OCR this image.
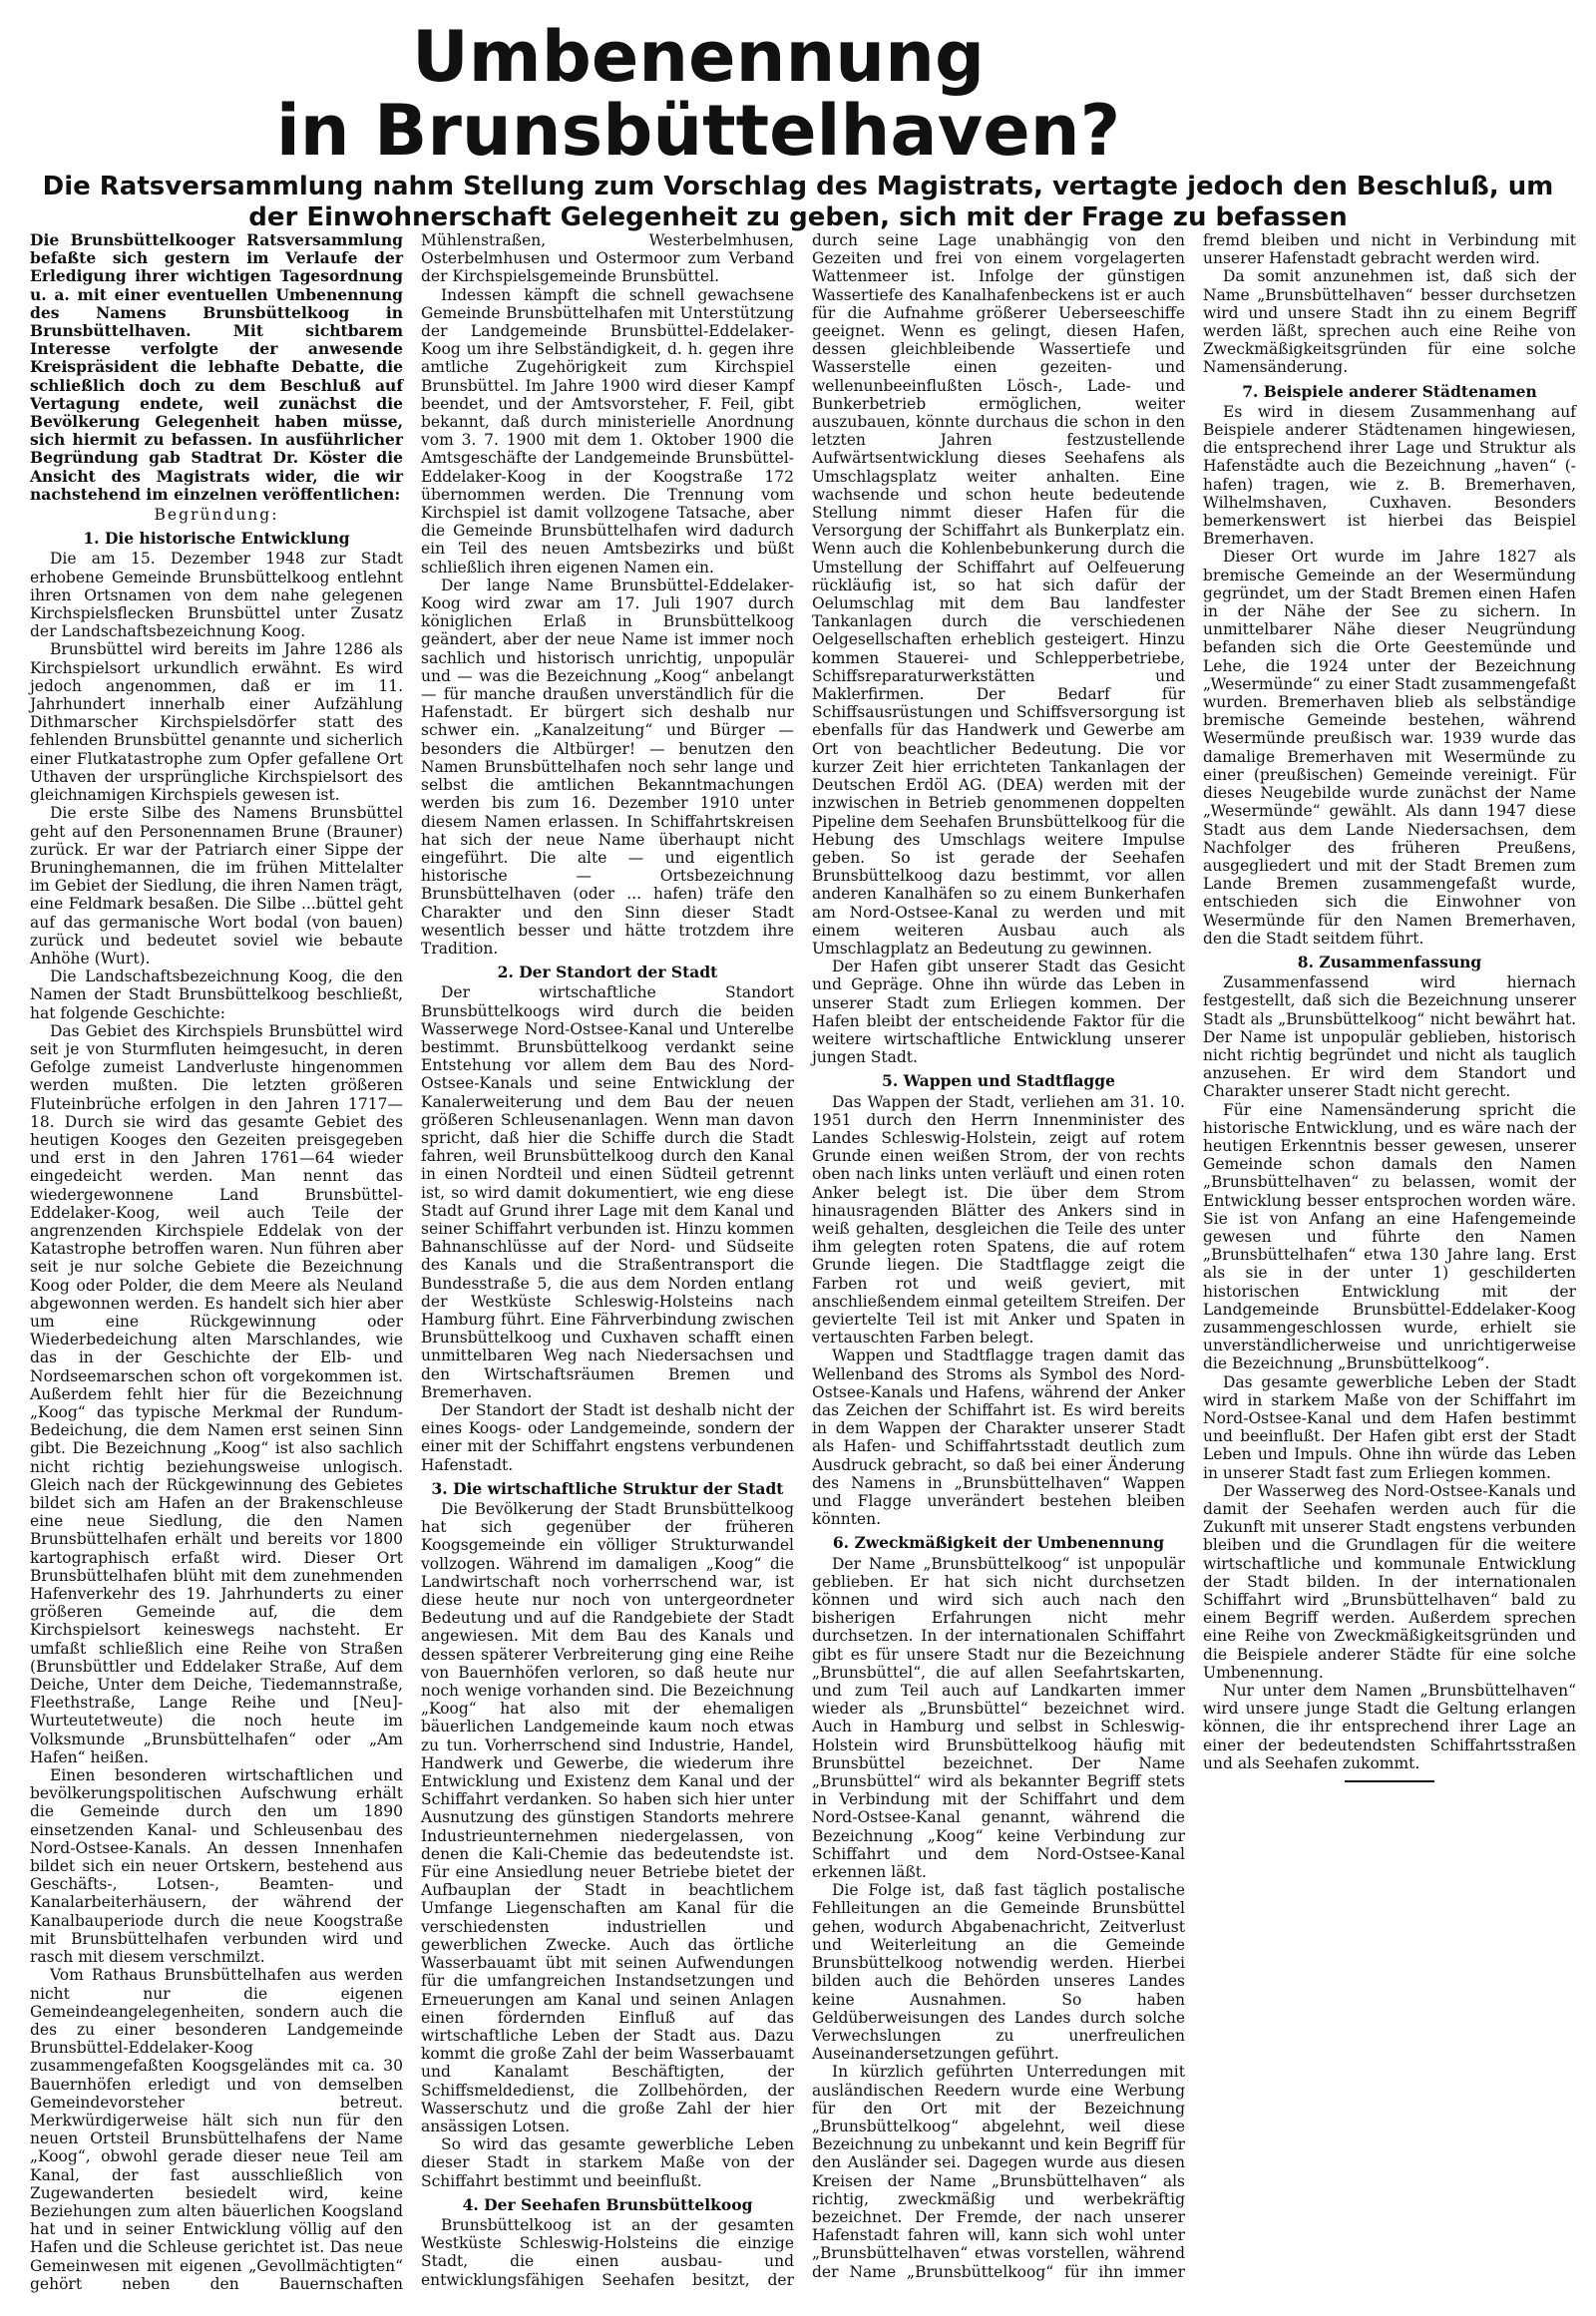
Umbenennung
in Brunsbüttelhaven?
Die Ratsversammlung nahm Stellung zum Vorschlag des Magistrats, vertagte jedoch den Beschluß, um der Einwohnerschaft Gelegenheit zu geben, sich mit der Frage zu befassen

Die Brunsbüttelkooger Ratsversammlung befaßte sich gestern im Verlaufe der Erledigung ihrer wichtigen Tagesordnung u. a. mit einer eventuellen Umbenennung des Namens Brunsbüttelkoog in Brunsbüttelhaven. Mit sichtbarem Interesse verfolgte der anwesende Kreispräsident die lebhafte Debatte, die schließlich doch zu dem Beschluß auf Vertagung endete, weil zunächst die Bevölkerung Gelegenheit haben müsse, sich hiermit zu befassen. In ausführlicher Begründung gab Stadtrat Dr. Köster die Ansicht des Magistrats wider, die wir nachstehend im einzelnen veröffentlichen:

Begründung:
1. Die historische Entwicklung

Die am 15. Dezember 1948 zur Stadt erhobene Gemeinde Brunsbüttelkoog entlehnt ihren Ortsnamen von dem nahe gelegenen Kirchspielsflecken Brunsbüttel unter Zusatz der Landschaftsbezeichnung Koog.

Brunsbüttel wird bereits im Jahre 1286 als Kirchspielsort urkundlich erwähnt. Es wird jedoch angenommen, daß er im 11. Jahrhundert innerhalb einer Aufzählung Dithmarscher Kirchspielsdörfer statt des fehlenden Brunsbüttel genannte und sicherlich einer Flutkatastrophe zum Opfer gefallene Ort Uthaven der ursprüngliche Kirchspielsort des gleichnamigen Kirchspiels gewesen ist.

Die erste Silbe des Namens Brunsbüttel geht auf den Personennamen Brune (Brauner) zurück. Er war der Patriarch einer Sippe der Bruninghemannen, die im frühen Mittelalter im Gebiet der Siedlung, die ihren Namen trägt, eine Feldmark besaßen. Die Silbe ...büttel geht auf das germanische Wort bodal (von bauen) zurück und bedeutet soviel wie bebaute Anhöhe (Wurt).

Die Landschaftsbezeichnung Koog, die den Namen der Stadt Brunsbüttelkoog beschließt, hat folgende Geschichte:

Das Gebiet des Kirchspiels Brunsbüttel wird seit je von Sturmfluten heimgesucht, in deren Gefolge zumeist Landverluste hingenommen werden mußten. Die letzten größeren Fluteinbrüche erfolgen in den Jahren 1717—18. Durch sie wird das gesamte Gebiet des heutigen Kooges den Gezeiten preisgegeben und erst in den Jahren 1761—64 wieder eingedeicht werden. Man nennt das wiedergewonnene Land Brunsbüttel-Eddelaker-Koog, weil auch Teile der angrenzenden Kirchspiele Eddelak von der Katastrophe betroffen waren. Nun führen aber seit je nur solche Gebiete die Bezeichnung Koog oder Polder, die dem Meere als Neuland abgewonnen werden. Es handelt sich hier aber um eine Rückgewinnung oder Wiederbedeichung alten Marschlandes, wie das in der Geschichte der Elb- und Nordseemarschen schon oft vorgekommen ist. Außerdem fehlt hier für die Bezeichnung „Koog“ das typische Merkmal der Rundum-Bedeichung, die dem Namen erst seinen Sinn gibt. Die Bezeichnung „Koog“ ist also sachlich nicht richtig beziehungsweise unlogisch. Gleich nach der Rückgewinnung des Gebietes bildet sich am Hafen an der Brakenschleuse eine neue Siedlung, die den Namen Brunsbüttelhafen erhält und bereits vor 1800 kartographisch erfaßt wird. Dieser Ort Brunsbüttelhafen blüht mit dem zunehmenden Hafenverkehr des 19. Jahrhunderts zu einer größeren Gemeinde auf, die dem Kirchspielsort keineswegs nachsteht. Er umfaßt schließlich eine Reihe von Straßen (Brunsbüttler und Eddelaker Straße, Auf dem Deiche, Unter dem Deiche, Tiedemannstraße, Fleethstraße, Lange Reihe und [Neu]-Wurteutetweute) die noch heute im Volksmunde „Brunsbüttelhafen“ oder „Am Hafen“ heißen.

Einen besonderen wirtschaftlichen und bevölkerungspolitischen Aufschwung erhält die Gemeinde durch den um 1890 einsetzenden Kanal- und Schleusenbau des Nord-Ostsee-Kanals. An dessen Innenhafen bildet sich ein neuer Ortskern, bestehend aus Geschäfts-, Lotsen-, Beamten- und Kanalarbeiterhäusern, der während der Kanalbauperiode durch die neue Koogstraße mit Brunsbüttelhafen verbunden wird und rasch mit diesem verschmilzt.

Vom Rathaus Brunsbüttelhafen aus werden nicht nur die eigenen Gemeindeangelegenheiten, sondern auch die des zu einer besonderen Landgemeinde Brunsbüttel-Eddelaker-Koog zusammengefaßten Koogsgeländes mit ca. 30 Bauernhöfen erledigt und von demselben Gemeindevorsteher betreut. Merkwürdigerweise hält sich nun für den neuen Ortsteil Brunsbüttelhafens der Name „Koog“, obwohl gerade dieser neue Teil am Kanal, der fast ausschließlich von Zugewanderten besiedelt wird, keine Beziehungen zum alten bäuerlichen Koogsland hat und in seiner Entwicklung völlig auf den Hafen und die Schleuse gerichtet ist. Das neue Gemeinwesen mit eigenen „Gevollmächtigten“ gehört neben den Bauernschaften Mühlenstraßen, Westerbelmhusen, Osterbelmhusen und Ostermoor zum Verband der Kirchspielsgemeinde Brunsbüttel.

Indessen kämpft die schnell gewachsene Gemeinde Brunsbüttelhafen mit Unterstützung der Landgemeinde Brunsbüttel-Eddelaker-Koog um ihre Selbständigkeit, d. h. gegen ihre amtliche Zugehörigkeit zum Kirchspiel Brunsbüttel. Im Jahre 1900 wird dieser Kampf beendet, und der Amtsvorsteher, F. Feil, gibt bekannt, daß durch ministerielle Anordnung vom 3. 7. 1900 mit dem 1. Oktober 1900 die Amtsgeschäfte der Landgemeinde Brunsbüttel-Eddelaker-Koog in der Koogstraße 172 übernommen werden. Die Trennung vom Kirchspiel ist damit vollzogene Tatsache, aber die Gemeinde Brunsbüttelhafen wird dadurch ein Teil des neuen Amtsbezirks und büßt schließlich ihren eigenen Namen ein.

Der lange Name Brunsbüttel-Eddelaker-Koog wird zwar am 17. Juli 1907 durch königlichen Erlaß in Brunsbüttelkoog geändert, aber der neue Name ist immer noch sachlich und historisch unrichtig, unpopulär und — was die Bezeichnung „Koog“ anbelangt — für manche draußen unverständlich für die Hafenstadt. Er bürgert sich deshalb nur schwer ein. „Kanalzeitung“ und Bürger — besonders die Altbürger! — benutzen den Namen Brunsbüttelhafen noch sehr lange und selbst die amtlichen Bekanntmachungen werden bis zum 16. Dezember 1910 unter diesem Namen erlassen. In Schiffahrtskreisen hat sich der neue Name überhaupt nicht eingeführt. Die alte — und eigentlich historische — Ortsbezeichnung Brunsbüttelhaven (oder ... hafen) träfe den Charakter und den Sinn dieser Stadt wesentlich besser und hätte trotzdem ihre Tradition.

2. Der Standort der Stadt

Der wirtschaftliche Standort Brunsbüttelkoogs wird durch die beiden Wasserwege Nord-Ostsee-Kanal und Unterelbe bestimmt. Brunsbüttelkoog verdankt seine Entstehung vor allem dem Bau des Nord-Ostsee-Kanals und seine Entwicklung der Kanalerweiterung und dem Bau der neuen größeren Schleusenanlagen. Wenn man davon spricht, daß hier die Schiffe durch die Stadt fahren, weil Brunsbüttelkoog durch den Kanal in einen Nordteil und einen Südteil getrennt ist, so wird damit dokumentiert, wie eng diese Stadt auf Grund ihrer Lage mit dem Kanal und seiner Schiffahrt verbunden ist. Hinzu kommen Bahnanschlüsse auf der Nord- und Südseite des Kanals und die Straßentransport die Bundesstraße 5, die aus dem Norden entlang der Westküste Schleswig-Holsteins nach Hamburg führt. Eine Fährverbindung zwischen Brunsbüttelkoog und Cuxhaven schafft einen unmittelbaren Weg nach Niedersachsen und den Wirtschaftsräumen Bremen und Bremerhaven.

Der Standort der Stadt ist deshalb nicht der eines Koogs- oder Landgemeinde, sondern der einer mit der Schiffahrt engstens verbundenen Hafenstadt.

3. Die wirtschaftliche Struktur der Stadt

Die Bevölkerung der Stadt Brunsbüttelkoog hat sich gegenüber der früheren Koogsgemeinde ein völliger Strukturwandel vollzogen. Während im damaligen „Koog“ die Landwirtschaft noch vorherrschend war, ist diese heute nur noch von untergeordneter Bedeutung und auf die Randgebiete der Stadt angewiesen. Mit dem Bau des Kanals und dessen späterer Verbreiterung ging eine Reihe von Bauernhöfen verloren, so daß heute nur noch wenige vorhanden sind. Die Bezeichnung „Koog“ hat also mit der ehemaligen bäuerlichen Landgemeinde kaum noch etwas zu tun. Vorherrschend sind Industrie, Handel, Handwerk und Gewerbe, die wiederum ihre Entwicklung und Existenz dem Kanal und der Schiffahrt verdanken. So haben sich hier unter Ausnutzung des günstigen Standorts mehrere Industrieunternehmen niedergelassen, von denen die Kali-Chemie das bedeutendste ist. Für eine Ansiedlung neuer Betriebe bietet der Aufbauplan der Stadt in beachtlichem Umfange Liegenschaften am Kanal für die verschiedensten industriellen und gewerblichen Zwecke. Auch das örtliche Wasserbauamt übt mit seinen Aufwendungen für die umfangreichen Instandsetzungen und Erneuerungen am Kanal und seinen Anlagen einen fördernden Einfluß auf das wirtschaftliche Leben der Stadt aus. Dazu kommt die große Zahl der beim Wasserbauamt und Kanalamt Beschäftigten, der Schiffsmeldedienst, die Zollbehörden, der Wasserschutz und die große Zahl der hier ansässigen Lotsen.

So wird das gesamte gewerbliche Leben dieser Stadt in starkem Maße von der Schiffahrt bestimmt und beeinflußt.

4. Der Seehafen Brunsbüttelkoog

Brunsbüttelkoog ist an der gesamten Westküste Schleswig-Holsteins die einzige Stadt, die einen ausbau- und entwicklungsfähigen Seehafen besitzt, der durch seine Lage unabhängig von den Gezeiten und frei von einem vorgelagerten Wattenmeer ist. Infolge der günstigen Wassertiefe des Kanalhafenbeckens ist er auch für die Aufnahme größerer Ueberseeschiffe geeignet. Wenn es gelingt, diesen Hafen, dessen gleichbleibende Wassertiefe und Wasserstelle einen gezeiten- und wellenunbeeinflußten Lösch-, Lade- und Bunkerbetrieb ermöglichen, weiter auszubauen, könnte durchaus die schon in den letzten Jahren festzustellende Aufwärtsentwicklung dieses Seehafens als Umschlagsplatz weiter anhalten. Eine wachsende und schon heute bedeutende Stellung nimmt dieser Hafen für die Versorgung der Schiffahrt als Bunkerplatz ein. Wenn auch die Kohlenbebunkerung durch die Umstellung der Schiffahrt auf Oelfeuerung rückläufig ist, so hat sich dafür der Oelumschlag mit dem Bau landfester Tankanlagen durch die verschiedenen Oelgesellschaften erheblich gesteigert. Hinzu kommen Stauerei- und Schlepperbetriebe, Schiffsreparaturwerkstätten und Maklerfirmen. Der Bedarf für Schiffsausrüstungen und Schiffsversorgung ist ebenfalls für das Handwerk und Gewerbe am Ort von beachtlicher Bedeutung. Die vor kurzer Zeit hier errichteten Tankanlagen der Deutschen Erdöl AG. (DEA) werden mit der inzwischen in Betrieb genommenen doppelten Pipeline dem Seehafen Brunsbüttelkoog für die Hebung des Umschlags weitere Impulse geben. So ist gerade der Seehafen Brunsbüttelkoog dazu bestimmt, vor allen anderen Kanalhäfen so zu einem Bunkerhafen am Nord-Ostsee-Kanal zu werden und mit einem weiteren Ausbau auch als Umschlagplatz an Bedeutung zu gewinnen.

Der Hafen gibt unserer Stadt das Gesicht und Gepräge. Ohne ihn würde das Leben in unserer Stadt zum Erliegen kommen. Der Hafen bleibt der entscheidende Faktor für die weitere wirtschaftliche Entwicklung unserer jungen Stadt.

5. Wappen und Stadtflagge

Das Wappen der Stadt, verliehen am 31. 10. 1951 durch den Herrn Innenminister des Landes Schleswig-Holstein, zeigt auf rotem Grunde einen weißen Strom, der von rechts oben nach links unten verläuft und einen roten Anker belegt ist. Die über dem Strom hinausragenden Blätter des Ankers sind in weiß gehalten, desgleichen die Teile des unter ihm gelegten roten Spatens, die auf rotem Grunde liegen. Die Stadtflagge zeigt die Farben rot und weiß geviert, mit anschließendem einmal geteiltem Streifen. Der geviertelte Teil ist mit Anker und Spaten in vertauschten Farben belegt.

Wappen und Stadtflagge tragen damit das Wellenband des Stroms als Symbol des Nord-Ostsee-Kanals und Hafens, während der Anker das Zeichen der Schiffahrt ist. Es wird bereits in dem Wappen der Charakter unserer Stadt als Hafen- und Schiffahrtsstadt deutlich zum Ausdruck gebracht, so daß bei einer Änderung des Namens in „Brunsbüttelhaven“ Wappen und Flagge unverändert bestehen bleiben könnten.

6. Zweckmäßigkeit der Umbenennung

Der Name „Brunsbüttelkoog“ ist unpopulär geblieben. Er hat sich nicht durchsetzen können und wird sich auch nach den bisherigen Erfahrungen nicht mehr durchsetzen. In der internationalen Schiffahrt gibt es für unsere Stadt nur die Bezeichnung „Brunsbüttel“, die auf allen Seefahrtskarten, und zum Teil auch auf Landkarten immer wieder als „Brunsbüttel“ bezeichnet wird. Auch in Hamburg und selbst in Schleswig-Holstein wird Brunsbüttelkoog häufig mit Brunsbüttel bezeichnet. Der Name „Brunsbüttel“ wird als bekannter Begriff stets in Verbindung mit der Schiffahrt und dem Nord-Ostsee-Kanal genannt, während die Bezeichnung „Koog“ keine Verbindung zur Schiffahrt und dem Nord-Ostsee-Kanal erkennen läßt.

Die Folge ist, daß fast täglich postalische Fehlleitungen an die Gemeinde Brunsbüttel gehen, wodurch Abgabenachricht, Zeitverlust und Weiterleitung an die Gemeinde Brunsbüttelkoog notwendig werden. Hierbei bilden auch die Behörden unseres Landes keine Ausnahmen. So haben Geldüberweisungen des Landes durch solche Verwechslungen zu unerfreulichen Auseinandersetzungen geführt.

In kürzlich geführten Unterredungen mit ausländischen Reedern wurde eine Werbung für den Ort mit der Bezeichnung „Brunsbüttelkoog“ abgelehnt, weil diese Bezeichnung zu unbekannt und kein Begriff für den Ausländer sei. Dagegen wurde aus diesen Kreisen der Name „Brunsbüttelhaven“ als richtig, zweckmäßig und werbekräftig bezeichnet. Der Fremde, der nach unserer Hafenstadt fahren will, kann sich wohl unter „Brunsbüttelhaven“ etwas vorstellen, während der Name „Brunsbüttelkoog“ für ihn immer fremd bleiben und nicht in Verbindung mit unserer Hafenstadt gebracht werden wird.

Da somit anzunehmen ist, daß sich der Name „Brunsbüttelhaven“ besser durchsetzen wird und unsere Stadt ihn zu einem Begriff werden läßt, sprechen auch eine Reihe von Zweckmäßigkeitsgründen für eine solche Namensänderung.

7. Beispiele anderer Städtenamen

Es wird in diesem Zusammenhang auf Beispiele anderer Städtenamen hingewiesen, die entsprechend ihrer Lage und Struktur als Hafenstädte auch die Bezeichnung „haven“ (-hafen) tragen, wie z. B. Bremerhaven, Wilhelmshaven, Cuxhaven. Besonders bemerkenswert ist hierbei das Beispiel Bremerhaven.

Dieser Ort wurde im Jahre 1827 als bremische Gemeinde an der Wesermündung gegründet, um der Stadt Bremen einen Hafen in der Nähe der See zu sichern. In unmittelbarer Nähe dieser Neugründung befanden sich die Orte Geestemünde und Lehe, die 1924 unter der Bezeichnung „Wesermünde“ zu einer Stadt zusammengefaßt wurden. Bremerhaven blieb als selbständige bremische Gemeinde bestehen, während Wesermünde preußisch war. 1939 wurde das damalige Bremerhaven mit Wesermünde zu einer (preußischen) Gemeinde vereinigt. Für dieses Neugebilde wurde zunächst der Name „Wesermünde“ gewählt. Als dann 1947 diese Stadt aus dem Lande Niedersachsen, dem Nachfolger des früheren Preußens, ausgegliedert und mit der Stadt Bremen zum Lande Bremen zusammengefaßt wurde, entschieden sich die Einwohner von Wesermünde für den Namen Bremerhaven, den die Stadt seitdem führt.

8. Zusammenfassung

Zusammenfassend wird hiernach festgestellt, daß sich die Bezeichnung unserer Stadt als „Brunsbüttelkoog“ nicht bewährt hat. Der Name ist unpopulär geblieben, historisch nicht richtig begründet und nicht als tauglich anzusehen. Er wird dem Standort und Charakter unserer Stadt nicht gerecht.

Für eine Namensänderung spricht die historische Entwicklung, und es wäre nach der heutigen Erkenntnis besser gewesen, unserer Gemeinde schon damals den Namen „Brunsbüttelhaven“ zu belassen, womit der Entwicklung besser entsprochen worden wäre. Sie ist von Anfang an eine Hafengemeinde gewesen und führte den Namen „Brunsbüttelhafen“ etwa 130 Jahre lang. Erst als sie in der unter 1) geschilderten historischen Entwicklung mit der Landgemeinde Brunsbüttel-Eddelaker-Koog zusammengeschlossen wurde, erhielt sie unverständlicherweise und unrichtigerweise die Bezeichnung „Brunsbüttelkoog“.

Das gesamte gewerbliche Leben der Stadt wird in starkem Maße von der Schiffahrt im Nord-Ostsee-Kanal und dem Hafen bestimmt und beeinflußt. Der Hafen gibt erst der Stadt Leben und Impuls. Ohne ihn würde das Leben in unserer Stadt fast zum Erliegen kommen.

Der Wasserweg des Nord-Ostsee-Kanals und damit der Seehafen werden auch für die Zukunft mit unserer Stadt engstens verbunden bleiben und die Grundlagen für die weitere wirtschaftliche und kommunale Entwicklung der Stadt bilden. In der internationalen Schiffahrt wird „Brunsbüttelhaven“ bald zu einem Begriff werden. Außerdem sprechen eine Reihe von Zweckmäßigkeitsgründen und die Beispiele anderer Städte für eine solche Umbenennung.

Nur unter dem Namen „Brunsbüttelhaven“ wird unsere junge Stadt die Geltung erlangen können, die ihr entsprechend ihrer Lage an einer der bedeutendsten Schiffahrtsstraßen und als Seehafen zukommt.
